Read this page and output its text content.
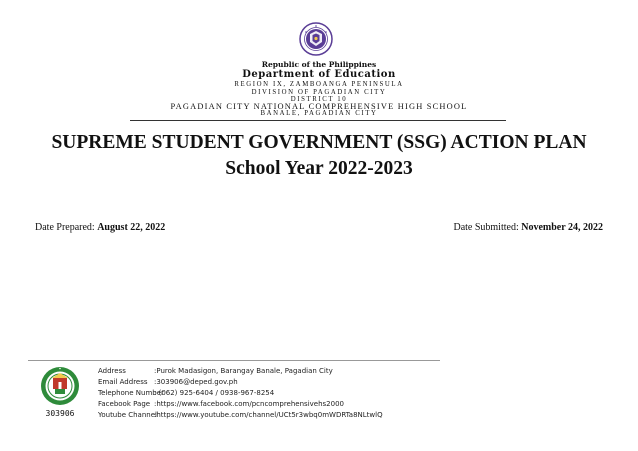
Republic of the Philippines
Department of Education
REGION IX, ZAMBOANGA PENINSULA
DIVISION OF PAGADIAN CITY
DISTRICT 10
PAGADIAN CITY NATIONAL COMPREHENSIVE HIGH SCHOOL
BANALE, PAGADIAN CITY
SUPREME STUDENT GOVERNMENT (SSG) ACTION PLAN
School Year 2022-2023
Date Prepared: August 22, 2022	Date Submitted: November 24, 2022
303906
Address	:Purok Madasigon, Barangay Banale, Pagadian City
Email Address :303906@deped.gov.ph
Telephone Number: (062) 925-6404 / 0938-967-8254
Facebook Page :https://www.facebook.com/pcncomprehensivehs2000
Youtube Channel:https://www.youtube.com/channel/UCt5r3wbq0mWDRTa8NLtwlQ
